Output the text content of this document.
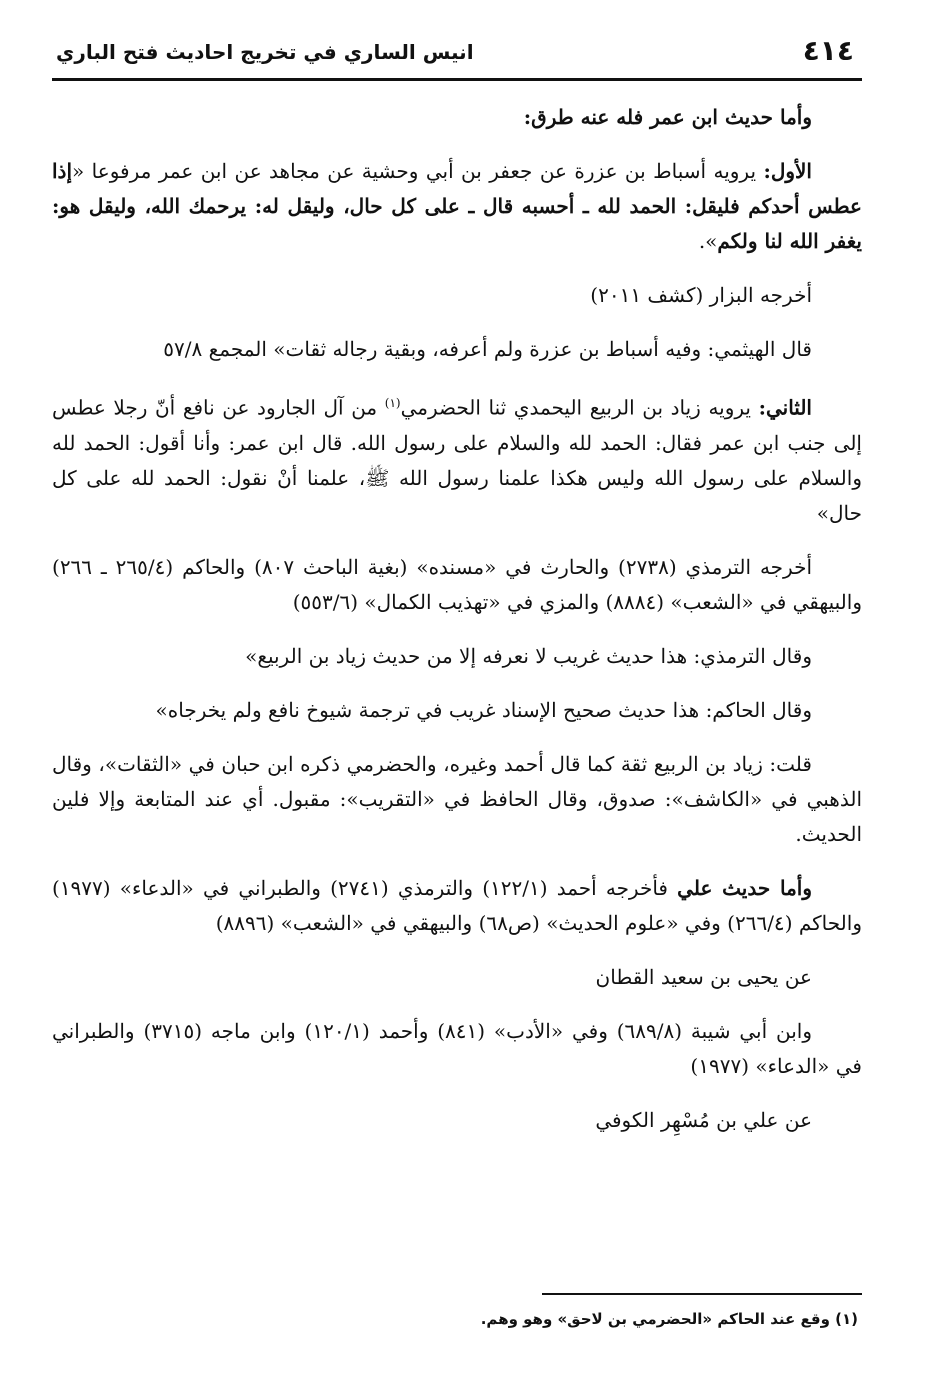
٤١٤
انيس الساري في تخريج احاديث فتح الباري

وأما حديث ابن عمر فله عنه طرق:

الأول: يرويه أسباط بن عزرة عن جعفر بن أبي وحشية عن مجاهد عن ابن عمر مرفوعا «إذا عطس أحدكم فليقل: الحمد لله ـ أحسبه قال ـ على كل حال، وليقل له: يرحمك الله، وليقل هو: يغفر الله لنا ولكم».

أخرجه البزار (كشف ٢٠١١)

قال الهيثمي: وفيه أسباط بن عزرة ولم أعرفه، وبقية رجاله ثقات» المجمع ٥٧/٨

الثاني: يرويه زياد بن الربيع اليحمدي ثنا الحضرمي$^{(١)}$ من آل الجارود عن نافع أنّ رجلا عطس إلى جنب ابن عمر فقال: الحمد لله والسلام على رسول الله. قال ابن عمر: وأنا أقول: الحمد لله والسلام على رسول الله وليس هكذا علمنا رسول الله ﷺ، علمنا أنْ نقول: الحمد لله على كل حال»

أخرجه الترمذي (٢٧٣٨) والحارث في «مسنده» (بغية الباحث ٨٠٧) والحاكم (٢٦٥/٤ ـ ٢٦٦) والبيهقي في «الشعب» (٨٨٨٤) والمزي في «تهذيب الكمال» (٥٥٣/٦)

وقال الترمذي: هذا حديث غريب لا نعرفه إلا من حديث زياد بن الربيع»

وقال الحاكم: هذا حديث صحيح الإسناد غريب في ترجمة شيوخ نافع ولم يخرجاه»

قلت: زياد بن الربيع ثقة كما قال أحمد وغيره، والحضرمي ذكره ابن حبان في «الثقات»، وقال الذهبي في «الكاشف»: صدوق، وقال الحافظ في «التقريب»: مقبول. أي عند المتابعة وإلا فلين الحديث.

وأما حديث علي فأخرجه أحمد (١٢٢/١) والترمذي (٢٧٤١) والطبراني في «الدعاء» (١٩٧٧) والحاكم (٢٦٦/٤) وفي «علوم الحديث» (ص٦٨) والبيهقي في «الشعب» (٨٨٩٦)

عن يحيى بن سعيد القطان

وابن أبي شيبة (٦٨٩/٨) وفي «الأدب» (٨٤١) وأحمد (١٢٠/١) وابن ماجه (٣٧١٥) والطبراني في «الدعاء» (١٩٧٧)

عن علي بن مُسْهِر الكوفي

(١) وقع عند الحاكم «الحضرمي بن لاحق» وهو وهم.
